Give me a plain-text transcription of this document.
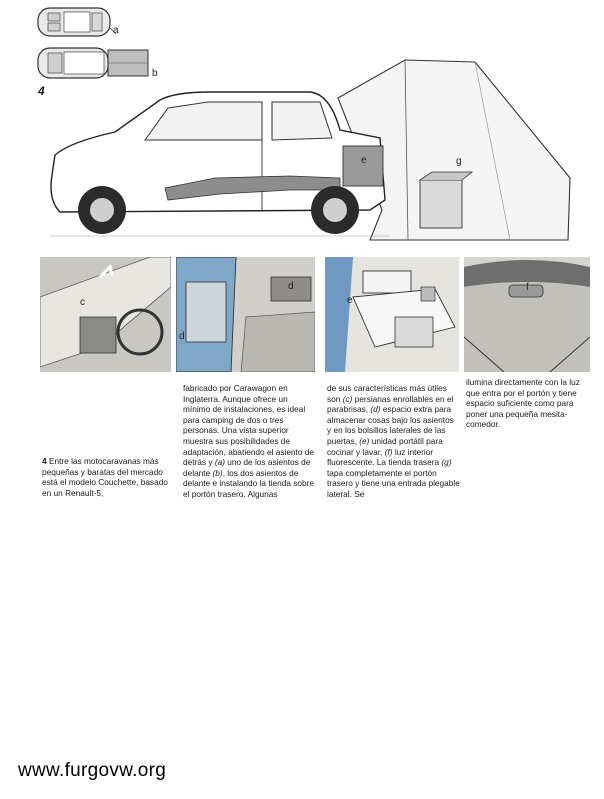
a
b
4
e	g
c
d
d
e
f
4 Entre las motocaravanas más pequeñas y baratas del mercado está el modelo Couchette, basado en un Renault-5,
fabricado por Carawagon en Inglaterra. Aunque ofrece un mínimo de instalaciones, es ideal para camping de dos o tres personas. Una vista superior muestra sus posibilidades de adaptación, abatiendo el asiento de detrás y (a) uno de los asientos de delante (b), los dos asientos de delante e instalando la tienda sobre el portón trasero. Algunas
de sus características más útiles son (c) persianas enrollables en el parabrisas, (d) espacio extra para almacenar cosas bajo los asientos y en los bolsillos laterales de las puertas, (e) unidad portátil para cocinar y lavar, (f) luz interior fluorescente. La tienda trasera (g) tapa completamente el portón trasero y tiene una entrada plegable lateral. Se
ilumina directamente con la luz que entra por el portón y tiene espacio suficiente como para poner una pequeña mesita-comedor.
www.furgovw.org
